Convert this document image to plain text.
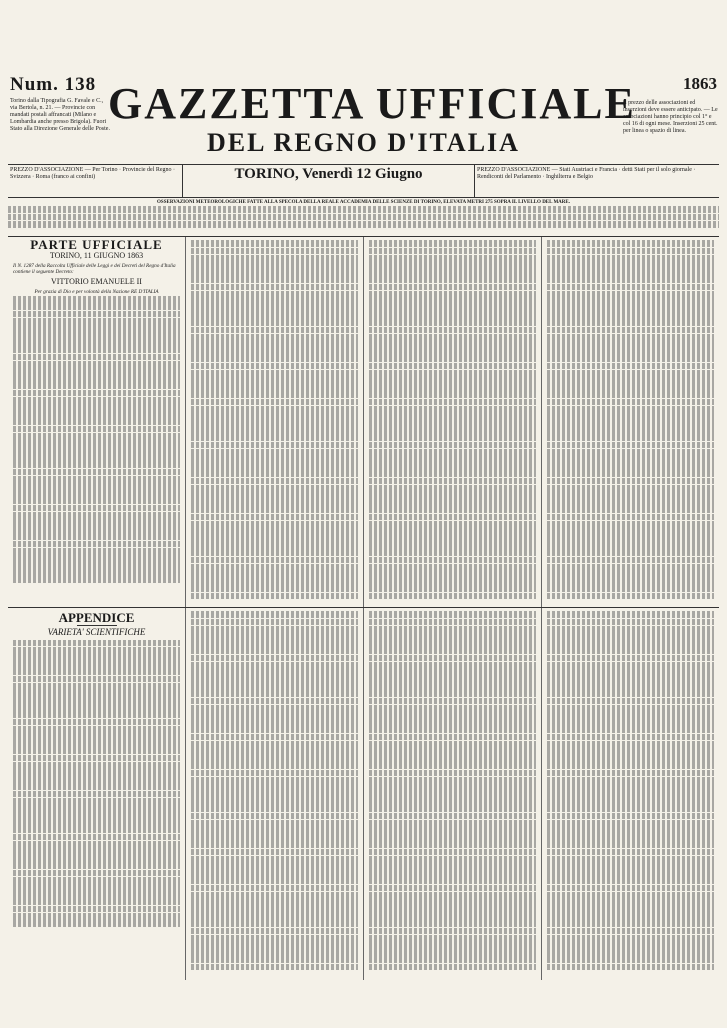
Num. 138 GAZZETTA UFFICIALE	1863
Torino dalla Tipografia G. Favale e C., via Bertola, n. 21. — Provincie con mandati postali affrancati (Milano e Lombardia anche presso Brigola). Fuori Stato alla Direzione Generale delle Poste.	DEL REGNO D'ITALIA
Il prezzo delle associazioni ed inserzioni deve essere anticipato. — Le associazioni hanno principio col 1° e col 16 di ogni mese. Inserzioni 25 cent. per linea o spazio di linea.
PREZZO D'ASSOCIAZIONE — Per Torino · Provincie del Regno · Svizzera · Roma (franco ai confini)	TORINO, Venerdì 12 Giugno	PREZZO D'ASSOCIAZIONE — Stati Austriaci e Francia · detti Stati per il solo giornale · Rendiconti del Parlamento · Inghilterra e Belgio
OSSERVAZIONI METEOROLOGICHE FATTE ALLA SPECOLA DELLA REALE ACCADEMIA DELLE SCIENZE DI TORINO, ELEVATA METRI 275 SOPRA IL LIVELLO DEL MARE.
PARTE UFFICIALE
TORINO, 11 GIUGNO 1863
Il N. 1287 della Raccolta Ufficiale delle Leggi e dei Decreti del Regno d'Italia contiene il seguente Decreto:
VITTORIO EMANUELE II
Per grazia di Dio e per volontà della Nazione RE D'ITALIA
APPENDICE
VARIETA' SCIENTIFICHE
